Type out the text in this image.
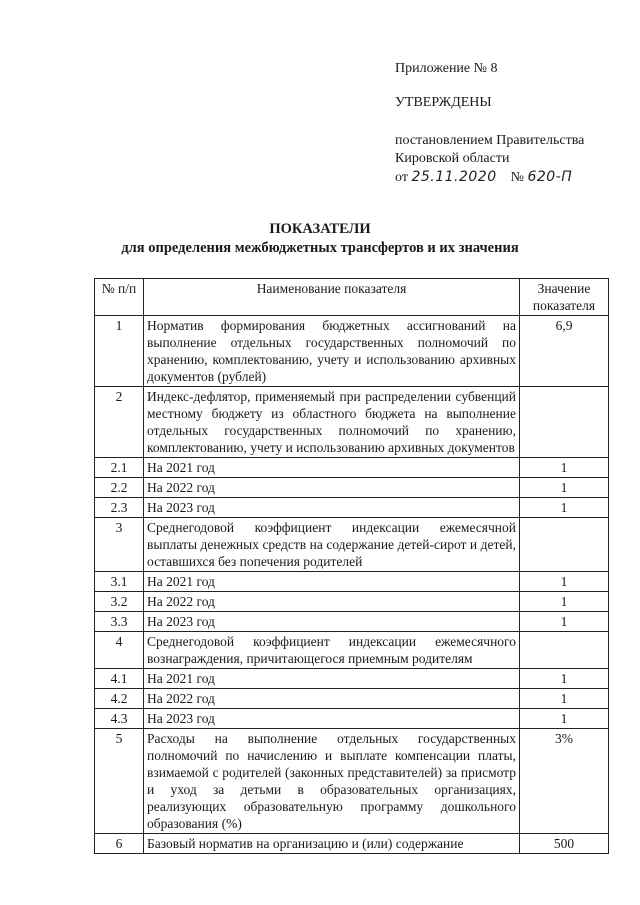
Приложение № 8
УТВЕРЖДЕНЫ
постановлением Правительства
Кировской области
от 25.11.2020 № 620-П
ПОКАЗАТЕЛИ
для определения межбюджетных трансфертов и их значения
№ п/п	Наименование показателя	Значение показателя
1	Норматив формирования бюджетных ассигнований на выполнение отдельных государственных полномочий по хранению, комплектованию, учету и использованию архивных документов (рублей)	6,9
2	Индекс-дефлятор, применяемый при распределении субвенций местному бюджету из областного бюджета на выполнение отдельных государственных полномочий по хранению, комплектованию, учету и использованию архивных документов	
2.1	На 2021 год	1
2.2	На 2022 год	1
2.3	На 2023 год	1
3	Среднегодовой коэффициент индексации ежемесячной выплаты денежных средств на содержание детей-сирот и детей, оставшихся без попечения родителей	
3.1	На 2021 год	1
3.2	На 2022 год	1
3.3	На 2023 год	1
4	Среднегодовой коэффициент индексации ежемесячного вознаграждения, причитающегося приемным родителям	
4.1	На 2021 год	1
4.2	На 2022 год	1
4.3	На 2023 год	1
5	Расходы на выполнение отдельных государственных полномочий по начислению и выплате компенсации платы, взимаемой с родителей (законных представителей) за присмотр и уход за детьми в образовательных организациях, реализующих образовательную программу дошкольного образования (%)	3%
6	Базовый норматив на организацию и (или) содержание	500
